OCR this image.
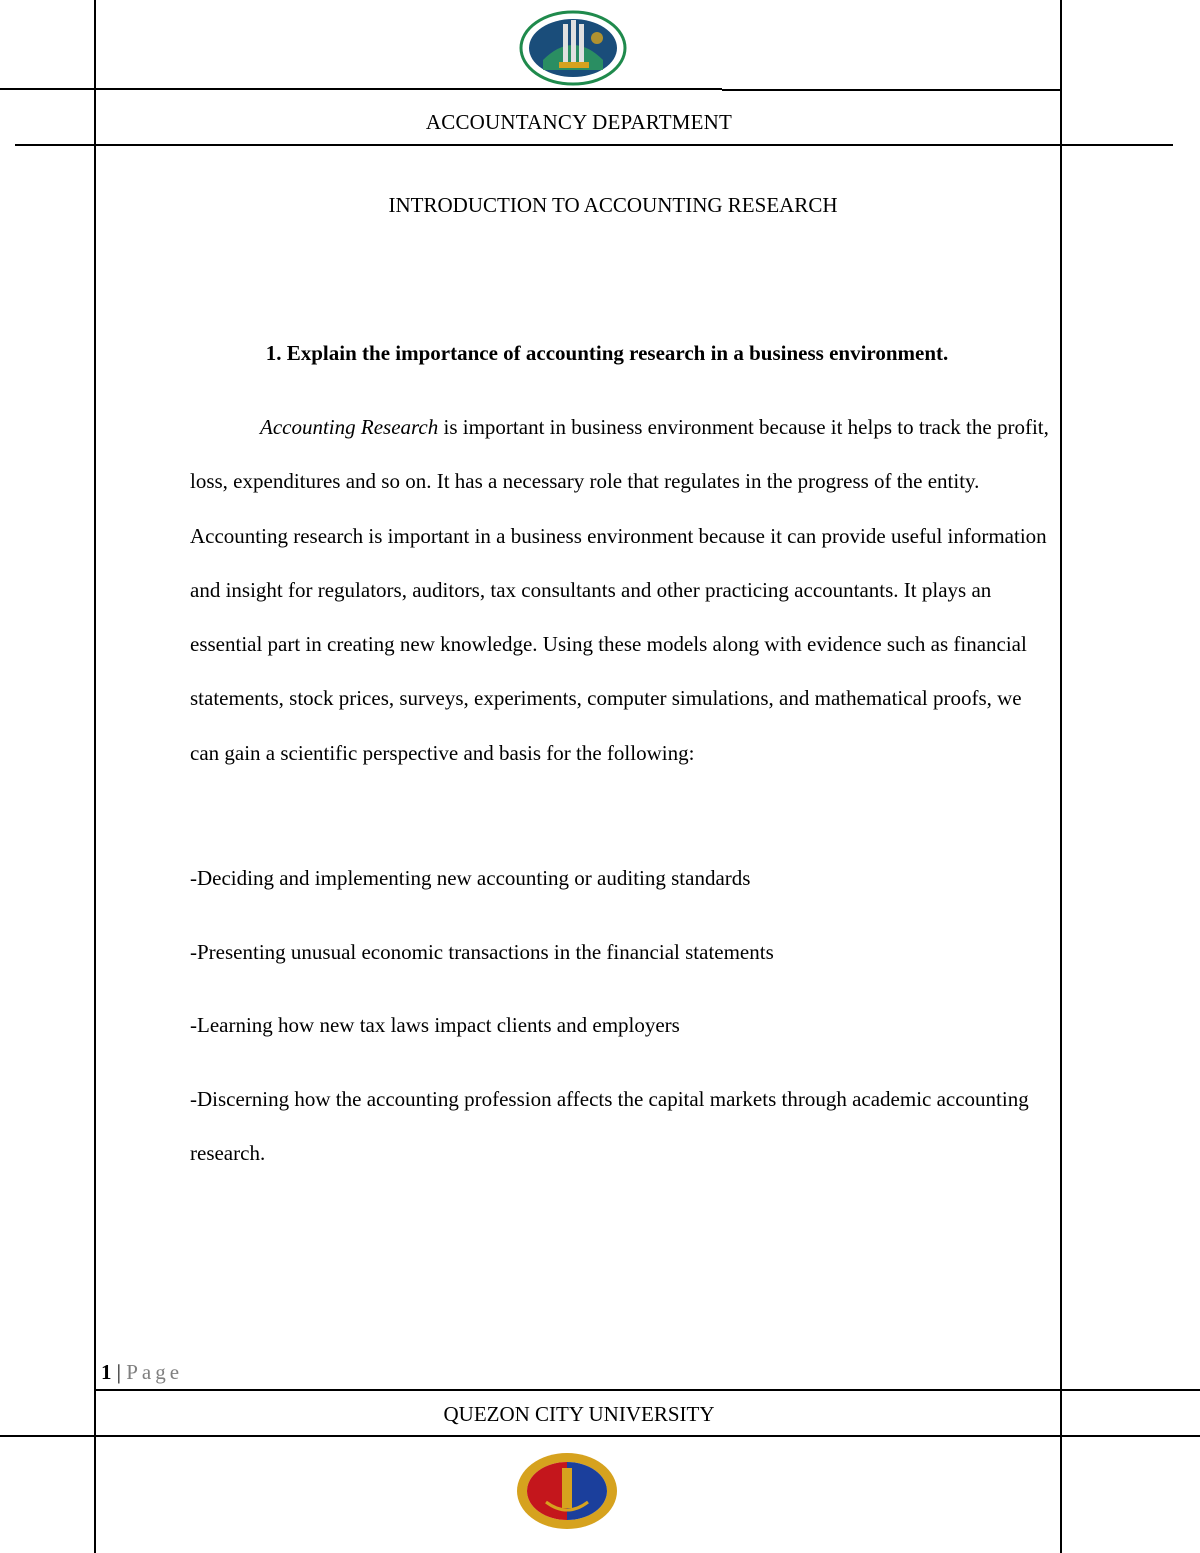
ACCOUNTANCY DEPARTMENT
INTRODUCTION TO ACCOUNTING RESEARCH
1. Explain the importance of accounting research in a business environment.

Accounting Research is important in business environment because it helps to track the profit, loss, expenditures and so on. It has a necessary role that regulates in the progress of the entity. Accounting research is important in a business environment because it can provide useful information and insight for regulators, auditors, tax consultants and other practicing accountants. It plays an essential part in creating new knowledge. Using these models along with evidence such as financial statements, stock prices, surveys, experiments, computer simulations, and mathematical proofs, we can gain a scientific perspective and basis for the following:

-Deciding and implementing new accounting or auditing standards

-Presenting unusual economic transactions in the financial statements

-Learning how new tax laws impact clients and employers

-Discerning how the accounting profession affects the capital markets through academic accounting research.

1 | Page
QUEZON CITY UNIVERSITY
